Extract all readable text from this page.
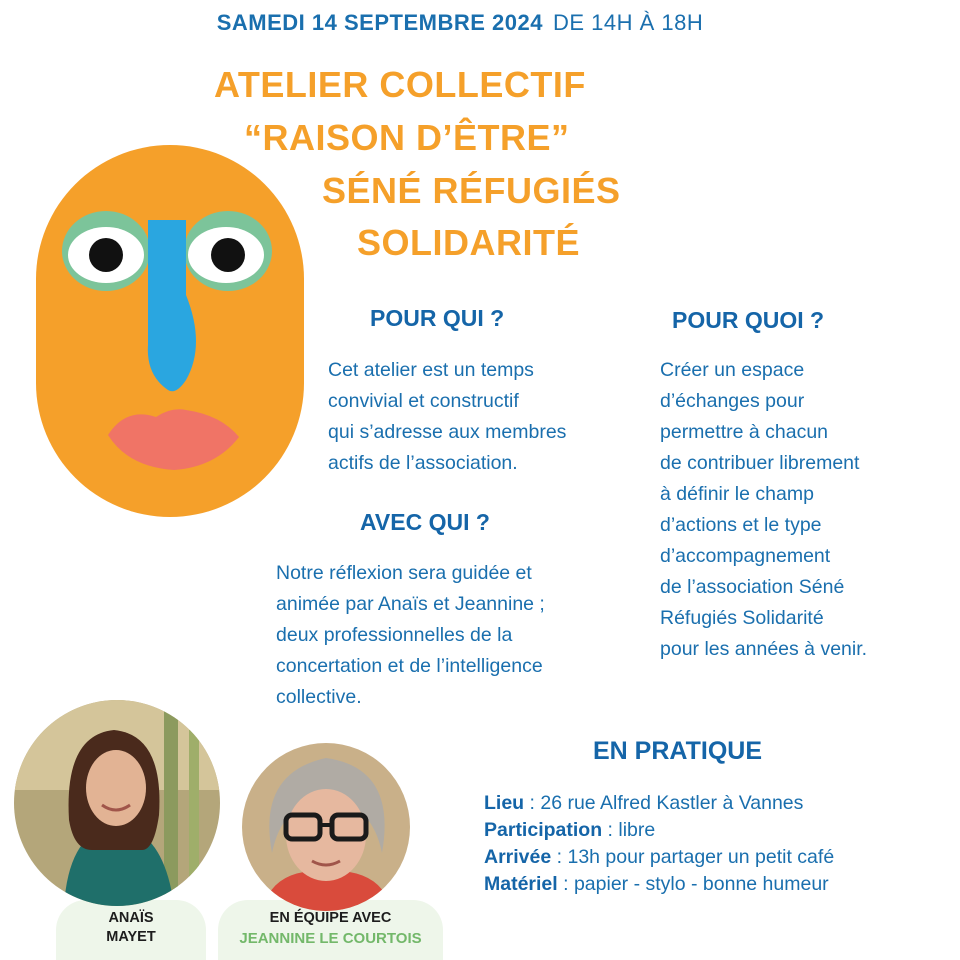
SAMEDI 14 SEPTEMBRE 2024 DE 14H À 18H
ATELIER COLLECTIF
“RAISON D’ÊTRE”
SÉNÉ RÉFUGIÉS
SOLIDARITÉ
POUR QUI ?
Cet atelier est un temps
convivial et constructif
qui s’adresse aux membres
actifs de l’association.
POUR QUOI ?
Créer un espace
d’échanges pour
permettre à chacun
de contribuer librement
à définir le champ
d’actions et le type
d’accompagnement
de l’association Séné
Réfugiés Solidarité
pour les années à venir.
AVEC QUI ?
Notre réflexion sera guidée et
animée par Anaïs et Jeannine ;
deux professionnelles de la
concertation et de l’intelligence
collective.
EN PRATIQUE
Lieu : 26 rue Alfred Kastler à Vannes
Participation : libre
Arrivée : 13h pour partager un petit café
Matériel : papier - stylo - bonne humeur
ANAÏS
MAYET
EN ÉQUIPE AVEC
JEANNINE LE COURTOIS
